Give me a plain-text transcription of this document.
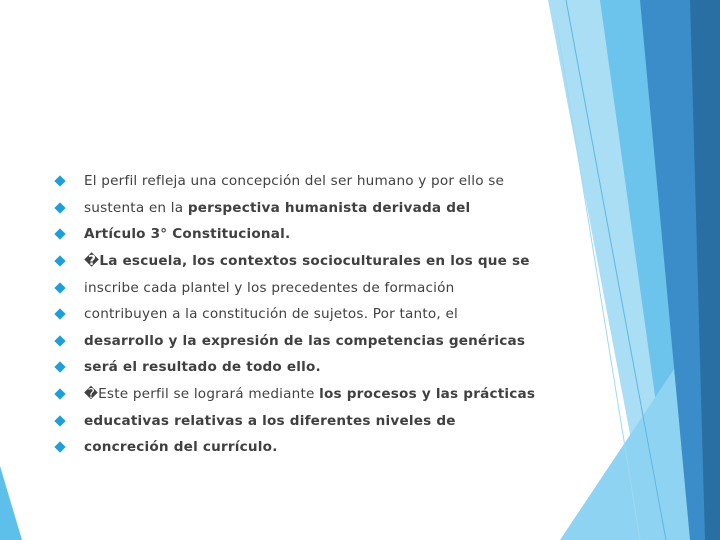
El perfil refleja una concepción del ser humano y por ello se
sustenta en la perspectiva humanista derivada del
Artículo 3° Constitucional.
�La escuela, los contextos socioculturales en los que se
inscribe cada plantel y los precedentes de formación
contribuyen a la constitución de sujetos. Por tanto, el
desarrollo y la expresión de las competencias genéricas
será el resultado de todo ello.
�Este perfil se logrará mediante los procesos y las prácticas
educativas relativas a los diferentes niveles de
concreción del currículo.
